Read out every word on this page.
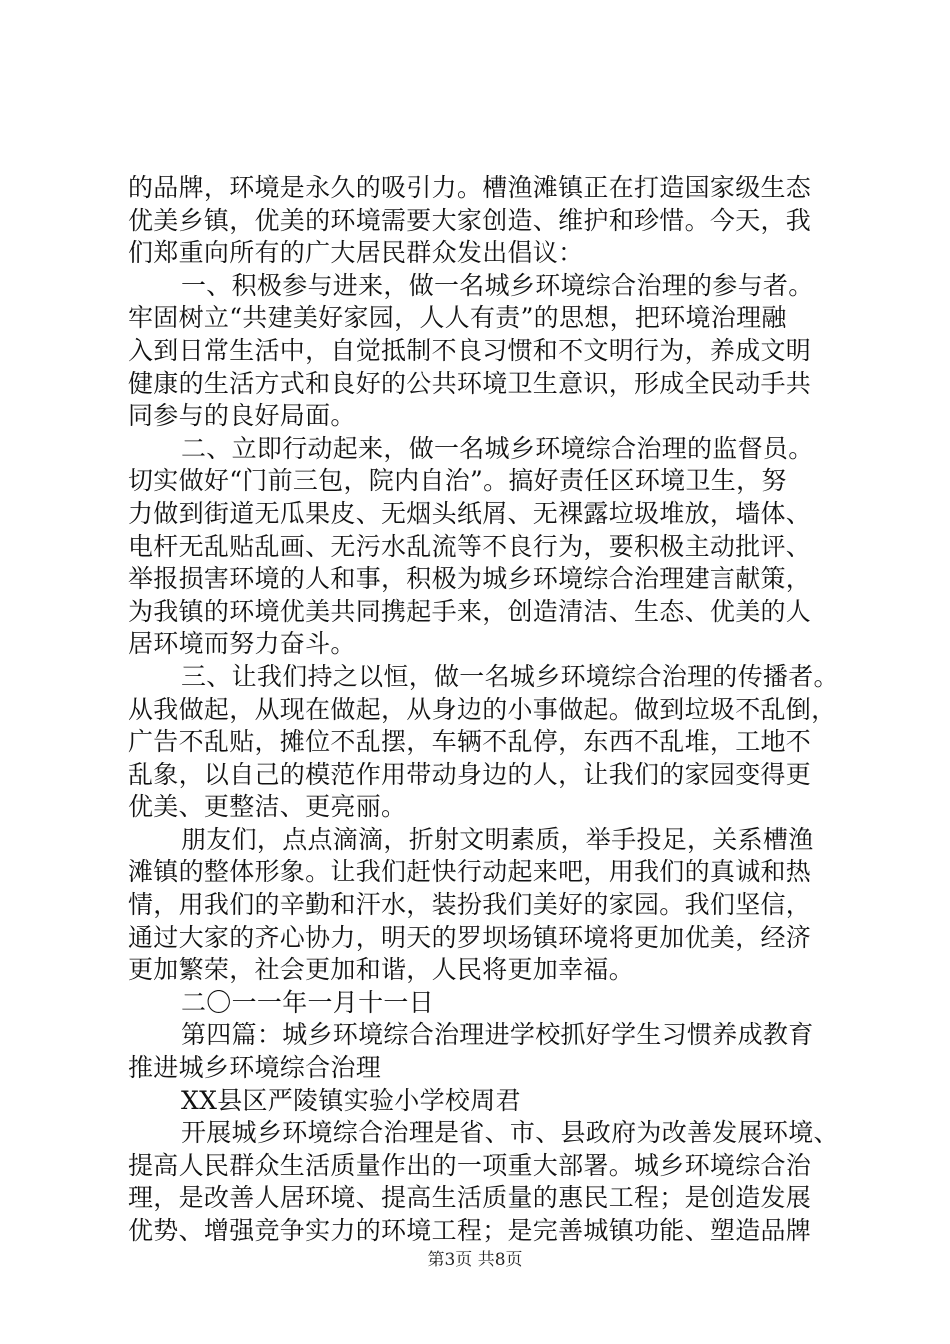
的品牌，环境是永久的吸引力。槽渔滩镇正在打造国家级生态
优美乡镇，优美的环境需要大家创造、维护和珍惜。今天，我
们郑重向所有的广大居民群众发出倡议：
一、积极参与进来，做一名城乡环境综合治理的参与者。
牢固树立“共建美好家园，人人有责”的思想，把环境治理融
入到日常生活中，自觉抵制不良习惯和不文明行为，养成文明
健康的生活方式和良好的公共环境卫生意识，形成全民动手共
同参与的良好局面。
二、立即行动起来，做一名城乡环境综合治理的监督员。
切实做好“门前三包，院内自治”。搞好责任区环境卫生，努
力做到街道无瓜果皮、无烟头纸屑、无裸露垃圾堆放，墙体、
电杆无乱贴乱画、无污水乱流等不良行为，要积极主动批评、
举报损害环境的人和事，积极为城乡环境综合治理建言献策，
为我镇的环境优美共同携起手来，创造清洁、生态、优美的人
居环境而努力奋斗。
三、让我们持之以恒，做一名城乡环境综合治理的传播者。
从我做起，从现在做起，从身边的小事做起。做到垃圾不乱倒，
广告不乱贴，摊位不乱摆，车辆不乱停，东西不乱堆，工地不
乱象，以自己的模范作用带动身边的人，让我们的家园变得更
优美、更整洁、更亮丽。
朋友们，点点滴滴，折射文明素质，举手投足，关系槽渔
滩镇的整体形象。让我们赶快行动起来吧，用我们的真诚和热
情，用我们的辛勤和汗水，装扮我们美好的家园。我们坚信，
通过大家的齐心协力，明天的罗坝场镇环境将更加优美，经济
更加繁荣，社会更加和谐，人民将更加幸福。
二〇一一年一月十一日
第四篇：城乡环境综合治理进学校抓好学生习惯养成教育
推进城乡环境综合治理
XX县区严陵镇实验小学校周君
开展城乡环境综合治理是省、市、县政府为改善发展环境、
提高人民群众生活质量作出的一项重大部署。城乡环境综合治
理，是改善人居环境、提高生活质量的惠民工程；是创造发展
优势、增强竞争实力的环境工程；是完善城镇功能、塑造品牌
第3页 共8页
